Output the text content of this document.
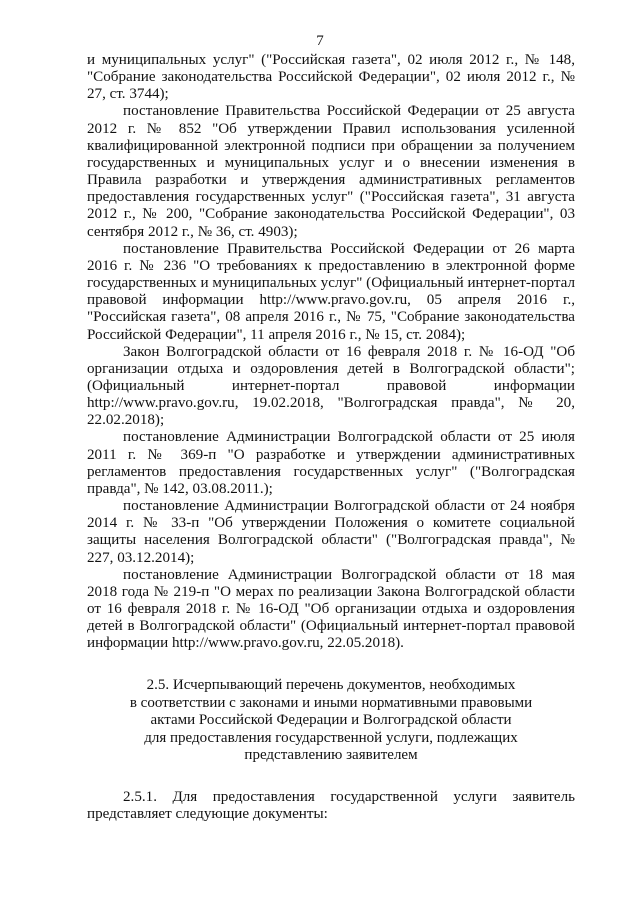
7

и муниципальных услуг" ("Российская газета", 02 июля 2012 г., № 148, "Собрание законодательства Российской Федерации", 02 июля 2012 г., № 27, ст. 3744);

постановление Правительства Российской Федерации от 25 августа 2012 г. № 852 "Об утверждении Правил использования усиленной квалифицированной электронной подписи при обращении за получением государственных и муниципальных услуг и о внесении изменения в Правила разработки и утверждения административных регламентов предоставления государственных услуг" ("Российская газета", 31 августа 2012 г., № 200, "Собрание законодательства Российской Федерации", 03 сентября 2012 г., № 36, ст. 4903);

постановление Правительства Российской Федерации от 26 марта 2016 г. № 236 "О требованиях к предоставлению в электронной форме государственных и муниципальных услуг" (Официальный интернет-портал правовой информации http://www.pravo.gov.ru, 05 апреля 2016 г., "Российская газета", 08 апреля 2016 г., № 75, "Собрание законодательства Российской Федерации", 11 апреля 2016 г., № 15, ст. 2084);

Закон Волгоградской области от 16 февраля 2018 г. № 16-ОД "Об организации отдыха и оздоровления детей в Волгоградской области"; (Официальный интернет-портал правовой информации http://www.pravo.gov.ru, 19.02.2018, "Волгоградская правда", № 20, 22.02.2018);

постановление Администрации Волгоградской области от 25 июля 2011 г. № 369-п "О разработке и утверждении административных регламентов предоставления государственных услуг" ("Волгоградская правда", № 142, 03.08.2011.);

постановление Администрации Волгоградской области от 24 ноября 2014 г. № 33-п "Об утверждении Положения о комитете социальной защиты населения Волгоградской области" ("Волгоградская правда", № 227, 03.12.2014);

постановление Администрации Волгоградской области от 18 мая 2018 года № 219-п "О мерах по реализации Закона Волгоградской области от 16 февраля 2018 г. № 16-ОД "Об организации отдыха и оздоровления детей в Волгоградской области" (Официальный интернет-портал правовой информации http://www.pravo.gov.ru, 22.05.2018).

2.5. Исчерпывающий перечень документов, необходимых
в соответствии с законами и иными нормативными правовыми
актами Российской Федерации и Волгоградской области
для предоставления государственной услуги, подлежащих
представлению заявителем

2.5.1. Для предоставления государственной услуги заявитель представляет следующие документы:
